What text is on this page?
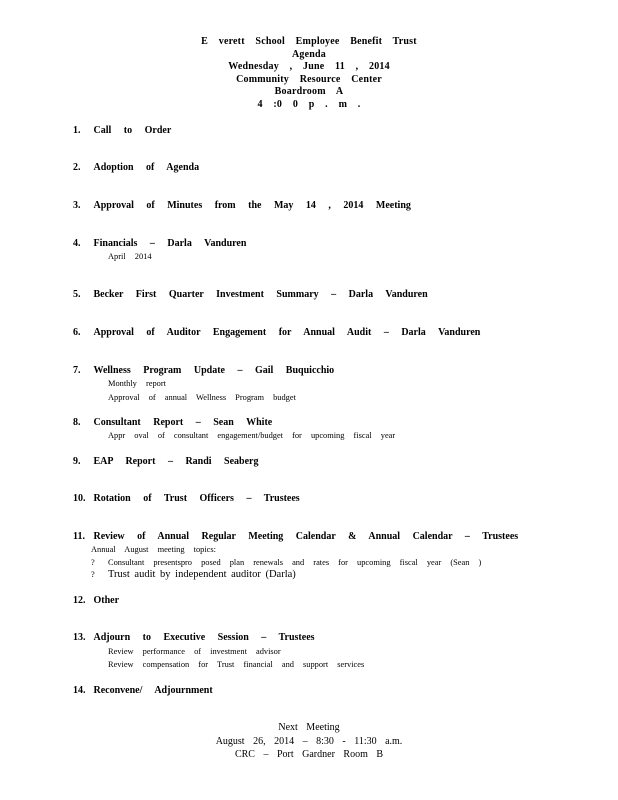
E verett School Employee Benefit Trust
Agenda
Wednesday , June 11 , 2014
Community Resource Center
Boardroom A
4 :0 0 p . m .
1. Call to Order
2. Adoption of Agenda
3. Approval of Minutes from the May 14 , 2014 Meeting
4. Financials – Darla Vanduren
April 2014
5. Becker First Quarter Investment Summary – Darla Vanduren
6. Approval of Auditor Engagement for Annual Audit – Darla Vanduren
7. Wellness Program Update – Gail Buquicchio
Monthly report
Approval of annual Wellness Program budget
8. Consultant Report – Sean White
Appr oval of consultant engagement/budget for upcoming fiscal year
9. EAP Report – Randi Seaberg
10. Rotation of Trust Officers – Trustees
11. Review of Annual Regular Meeting Calendar & Annual Calendar – Trustees
Annual August meeting topics:
? Consultant presentspro posed plan renewals and rates for upcoming fiscal year (Sean )
? Trust audit by independent auditor (Darla)
12. Other
13. Adjourn to Executive Session – Trustees
Review performance of investment advisor
Review compensation for Trust financial and support services
14. Reconvene/ Adjournment
Next Meeting
August 26, 2014 – 8:30 - 11:30 a.m.
CRC – Port Gardner Room B
